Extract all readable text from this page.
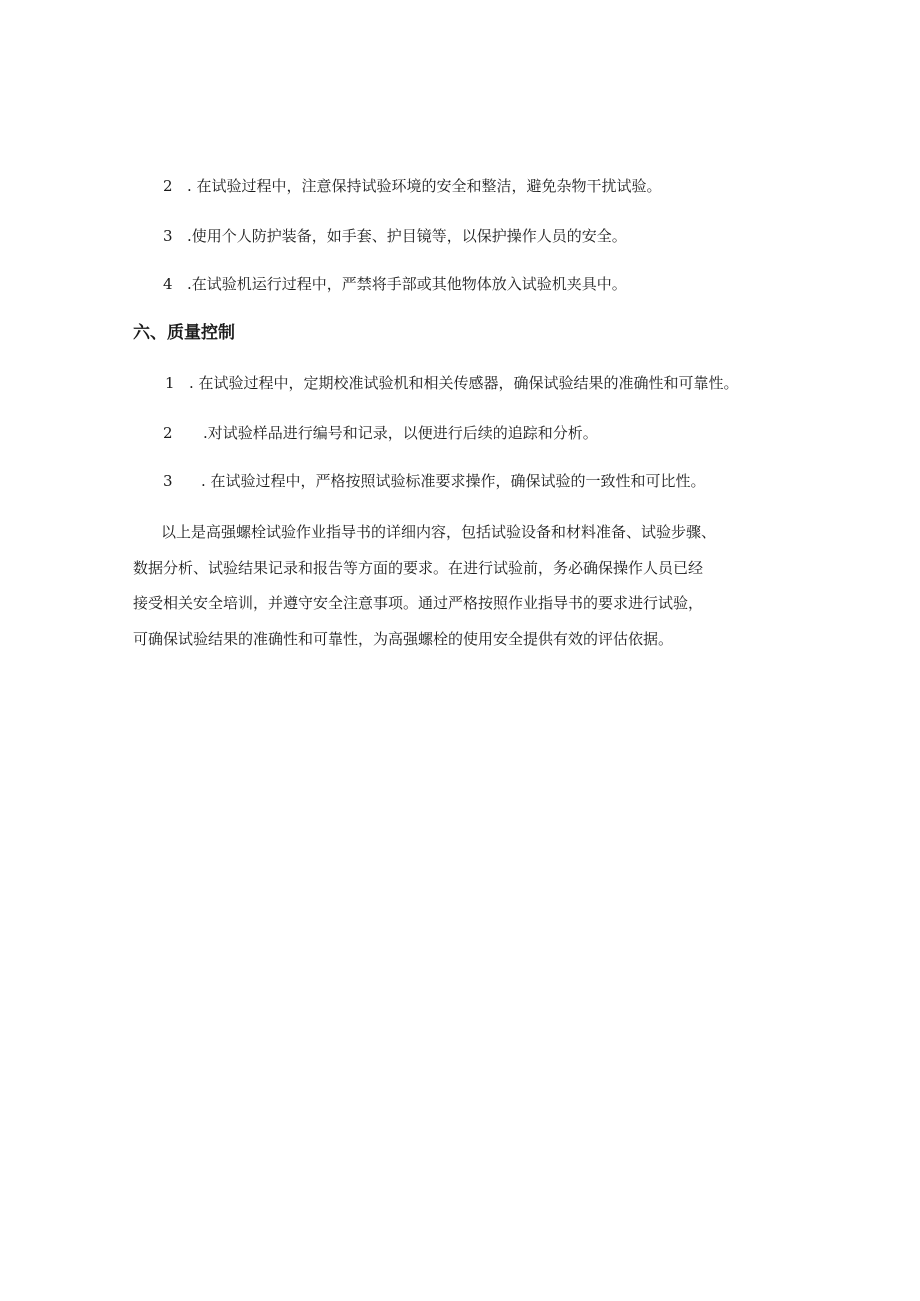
2 . 在试验过程中，注意保持试验环境的安全和整洁，避免杂物干扰试验。
3 .使用个人防护装备，如手套、护目镜等，以保护操作人员的安全。
4 .在试验机运行过程中，严禁将手部或其他物体放入试验机夹具中。
六、质量控制
1 . 在试验过程中，定期校准试验机和相关传感器，确保试验结果的准确性和可靠性。
2 .对试验样品进行编号和记录，以便进行后续的追踪和分析。
3 . 在试验过程中，严格按照试验标准要求操作，确保试验的一致性和可比性。
以上是高强螺栓试验作业指导书的详细内容，包括试验设备和材料准备、试验步骤、
数据分析、试验结果记录和报告等方面的要求。在进行试验前，务必确保操作人员已经
接受相关安全培训，并遵守安全注意事项。通过严格按照作业指导书的要求进行试验，
可确保试验结果的准确性和可靠性，为高强螺栓的使用安全提供有效的评估依据。
